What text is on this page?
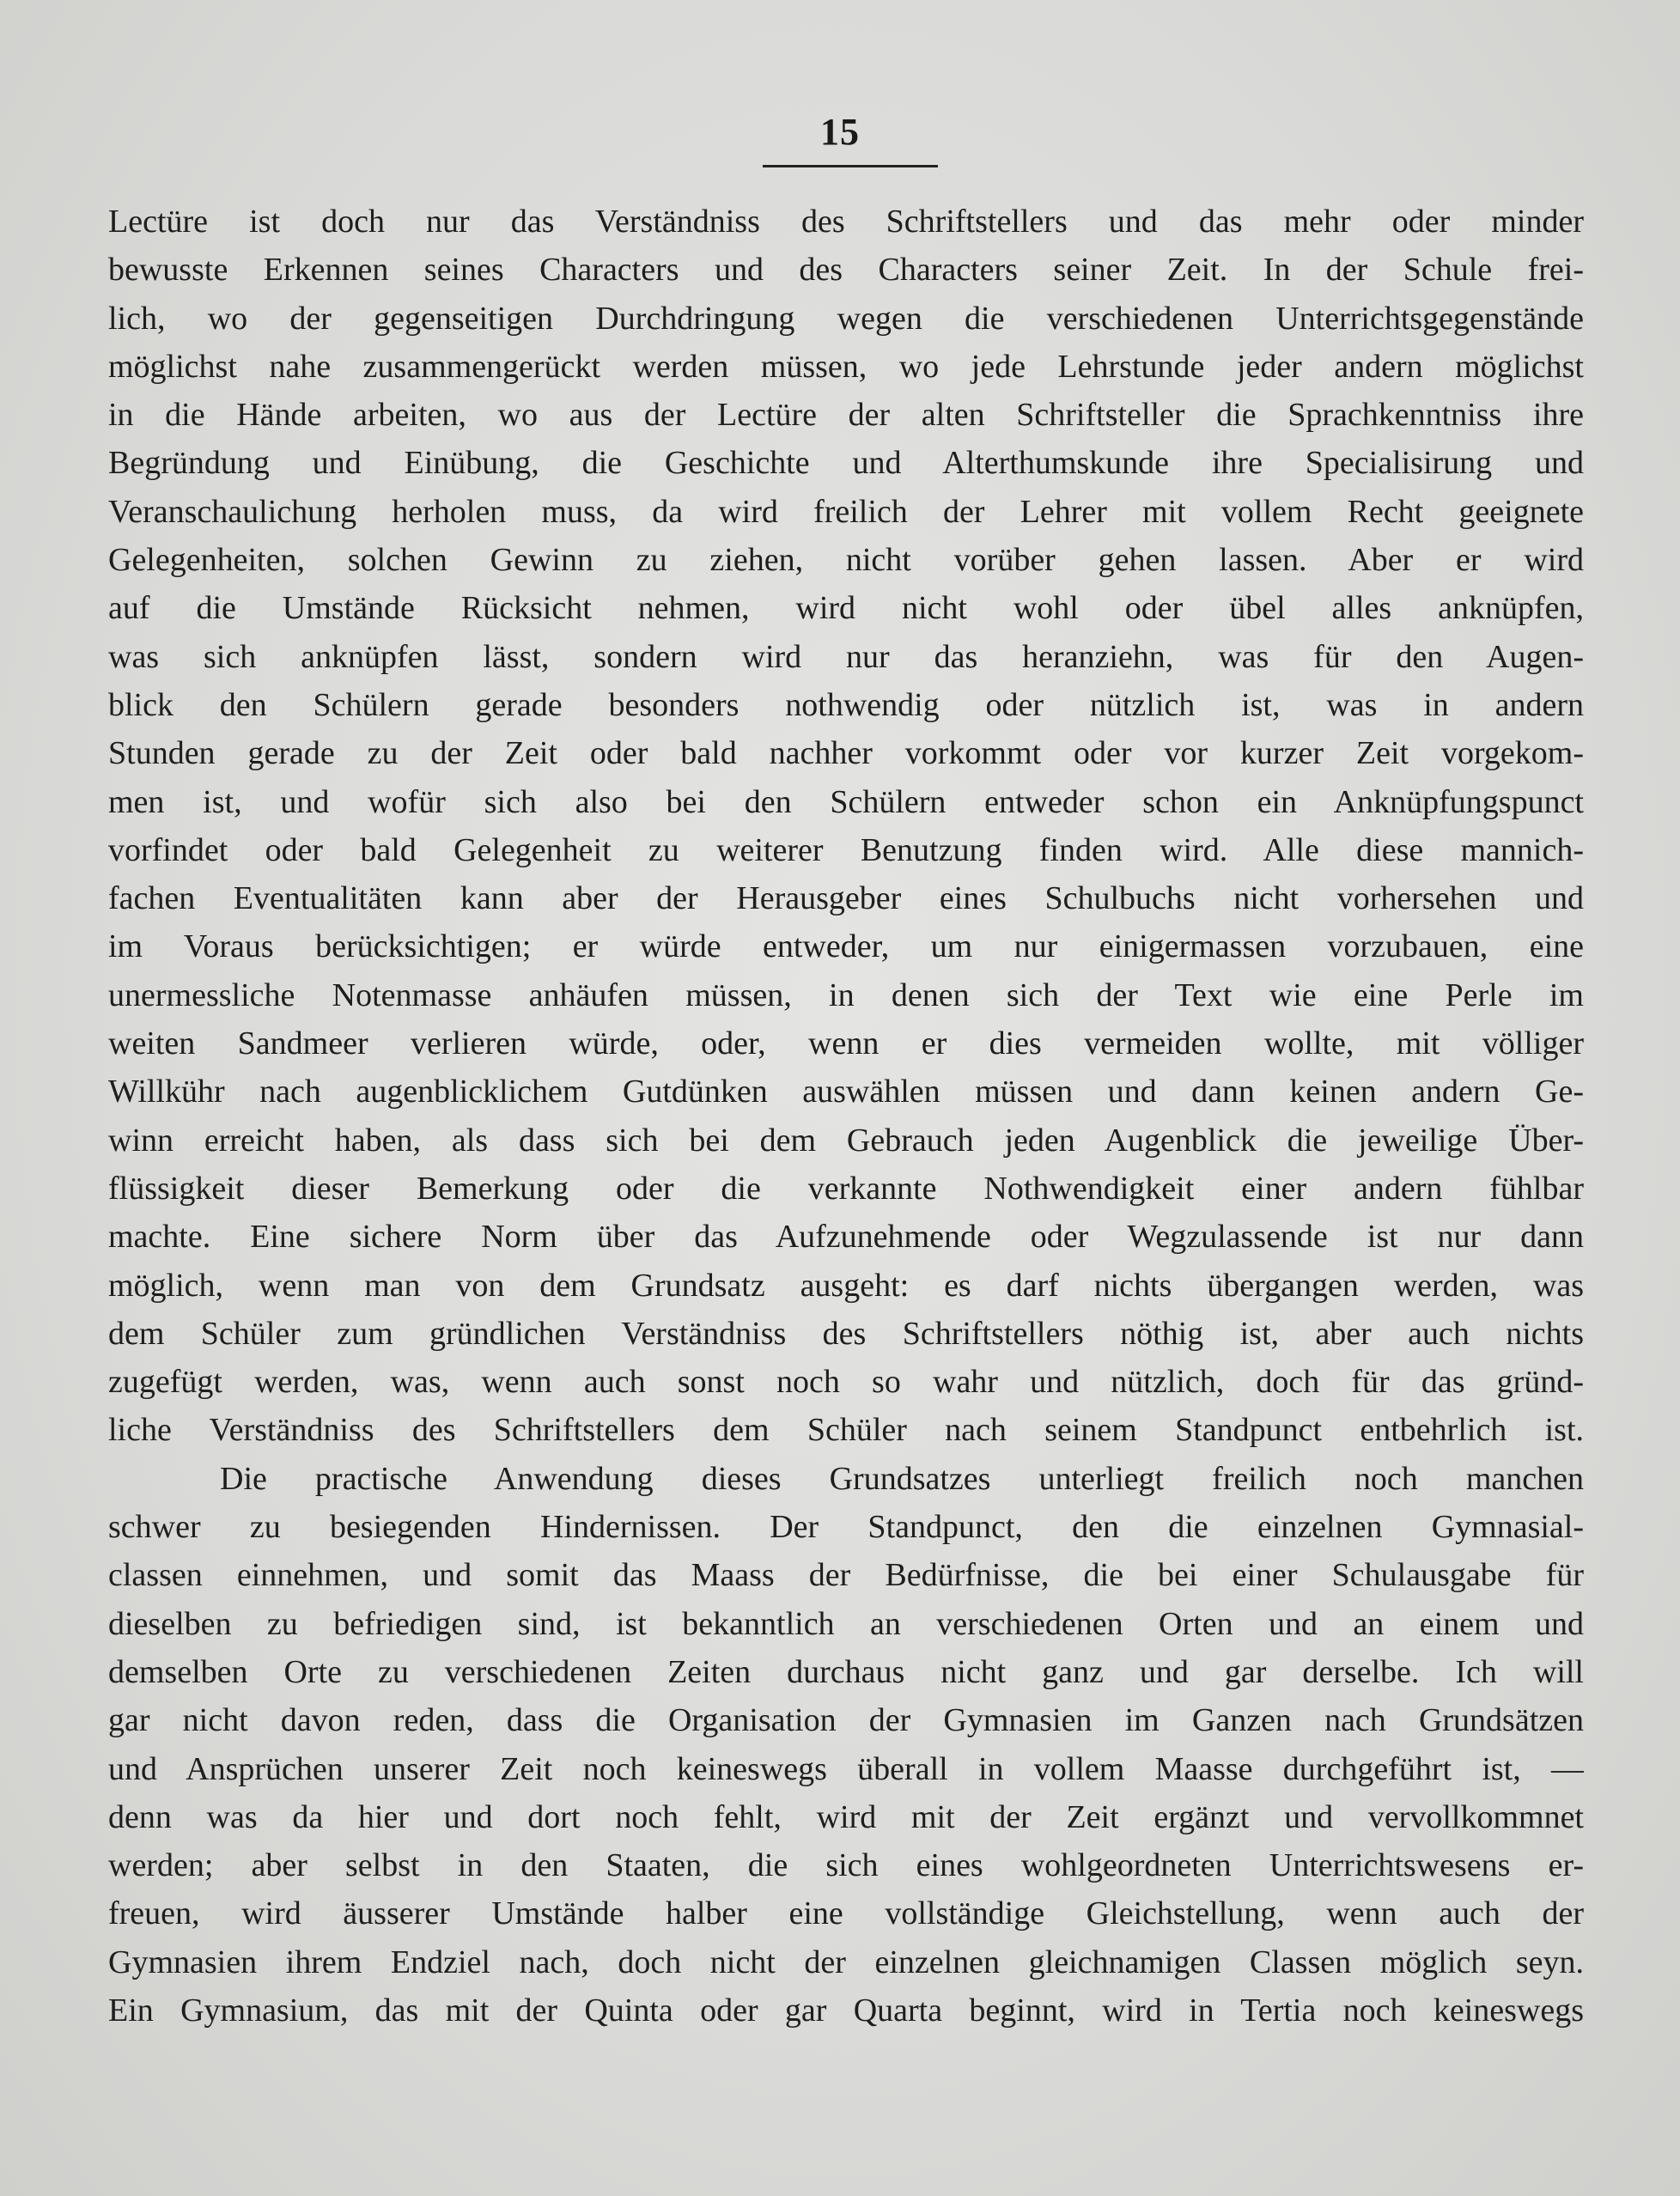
15
Lectüre ist doch nur das Verständniss des Schriftstellers und das mehr oder minder
bewusste Erkennen seines Characters und des Characters seiner Zeit. In der Schule frei-
lich, wo der gegenseitigen Durchdringung wegen die verschiedenen Unterrichtsgegenstände
möglichst nahe zusammengerückt werden müssen, wo jede Lehrstunde jeder andern möglichst
in die Hände arbeiten, wo aus der Lectüre der alten Schriftsteller die Sprachkenntniss ihre
Begründung und Einübung, die Geschichte und Alterthumskunde ihre Specialisirung und
Veranschaulichung herholen muss, da wird freilich der Lehrer mit vollem Recht geeignete
Gelegenheiten, solchen Gewinn zu ziehen, nicht vorüber gehen lassen. Aber er wird
auf die Umstände Rücksicht nehmen, wird nicht wohl oder übel alles anknüpfen,
was sich anknüpfen lässt, sondern wird nur das heranziehn, was für den Augen-
blick den Schülern gerade besonders nothwendig oder nützlich ist, was in andern
Stunden gerade zu der Zeit oder bald nachher vorkommt oder vor kurzer Zeit vorgekom-
men ist, und wofür sich also bei den Schülern entweder schon ein Anknüpfungspunct
vorfindet oder bald Gelegenheit zu weiterer Benutzung finden wird. Alle diese mannich-
fachen Eventualitäten kann aber der Herausgeber eines Schulbuchs nicht vorhersehen und
im Voraus berücksichtigen; er würde entweder, um nur einigermassen vorzubauen, eine
unermessliche Notenmasse anhäufen müssen, in denen sich der Text wie eine Perle im
weiten Sandmeer verlieren würde, oder, wenn er dies vermeiden wollte, mit völliger
Willkühr nach augenblicklichem Gutdünken auswählen müssen und dann keinen andern Ge-
winn erreicht haben, als dass sich bei dem Gebrauch jeden Augenblick die jeweilige Über-
flüssigkeit dieser Bemerkung oder die verkannte Nothwendigkeit einer andern fühlbar
machte. Eine sichere Norm über das Aufzunehmende oder Wegzulassende ist nur dann
möglich, wenn man von dem Grundsatz ausgeht: es darf nichts übergangen werden, was
dem Schüler zum gründlichen Verständniss des Schriftstellers nöthig ist, aber auch nichts
zugefügt werden, was, wenn auch sonst noch so wahr und nützlich, doch für das gründ-
liche Verständniss des Schriftstellers dem Schüler nach seinem Standpunct entbehrlich ist.
Die practische Anwendung dieses Grundsatzes unterliegt freilich noch manchen
schwer zu besiegenden Hindernissen. Der Standpunct, den die einzelnen Gymnasial-
classen einnehmen, und somit das Maass der Bedürfnisse, die bei einer Schulausgabe für
dieselben zu befriedigen sind, ist bekanntlich an verschiedenen Orten und an einem und
demselben Orte zu verschiedenen Zeiten durchaus nicht ganz und gar derselbe. Ich will
gar nicht davon reden, dass die Organisation der Gymnasien im Ganzen nach Grundsätzen
und Ansprüchen unserer Zeit noch keineswegs überall in vollem Maasse durchgeführt ist, —
denn was da hier und dort noch fehlt, wird mit der Zeit ergänzt und vervollkommnet
werden; aber selbst in den Staaten, die sich eines wohlgeordneten Unterrichtswesens er-
freuen, wird äusserer Umstände halber eine vollständige Gleichstellung, wenn auch der
Gymnasien ihrem Endziel nach, doch nicht der einzelnen gleichnamigen Classen möglich seyn.
Ein Gymnasium, das mit der Quinta oder gar Quarta beginnt, wird in Tertia noch keineswegs
